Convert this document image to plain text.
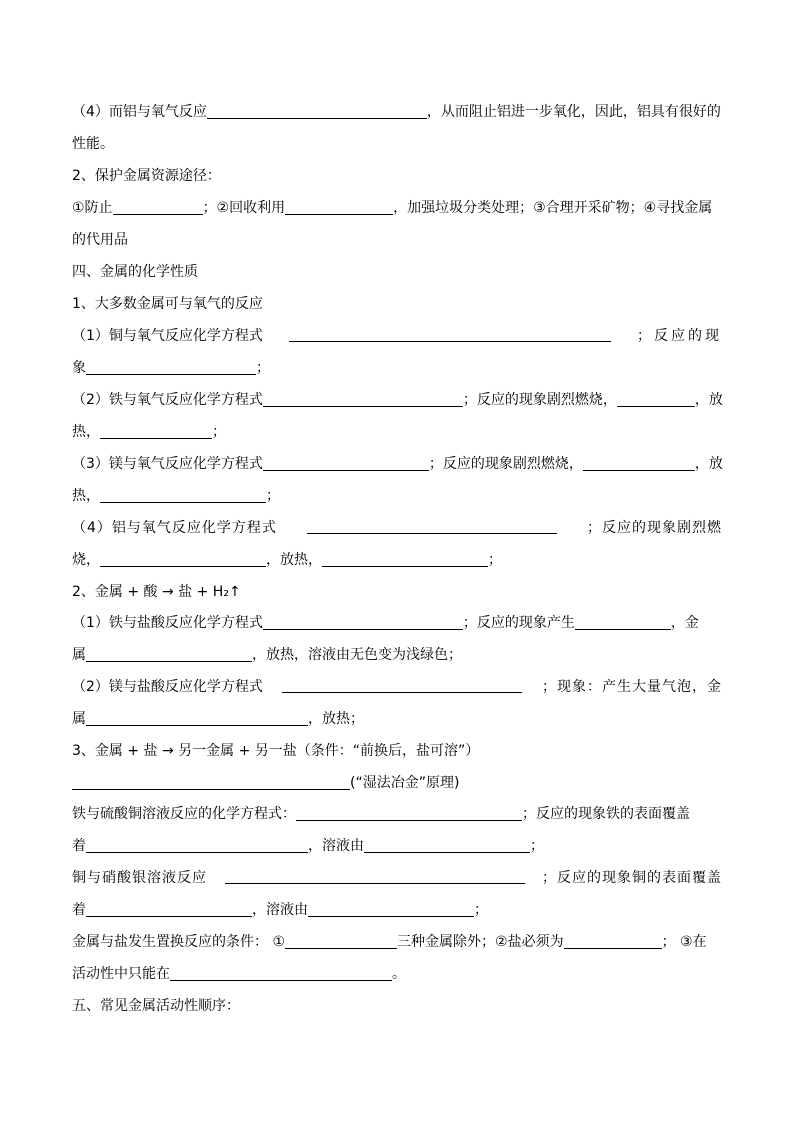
（4）而铝与氧气反应	，从而阻止铝进一步氧化，因此，铝具有很好的
性能。
2、保护金属资源途径：
①防止	；②回收利用	，加强垃圾分类处理；③合理开采矿物；④寻找金属
的代用品
四、金属的化学性质
1、大多数金属可与氧气的反应
（1）铜与氧气反应化学方程式	；反应的现
象	；
（2）铁与氧气反应化学方程式	；反应的现象剧烈燃烧，	，放
热，	；
（3）镁与氧气反应化学方程式	；反应的现象剧烈燃烧，	，放
热，	；
（4）铝与氧气反应化学方程式	；反应的现象剧烈燃
烧，	，放热，	；
2、金属 + 酸 → 盐 + H₂↑
（1）铁与盐酸反应化学方程式	；反应的现象产生	，金
属	，放热，溶液由无色变为浅绿色；
（2）镁与盐酸反应化学方程式	；现象：产生大量气泡，金
属	，放热；
3、金属 + 盐 → 另一金属 + 另一盐（条件：“前换后，盐可溶”）
(“湿法冶金”原理)
铁与硫酸铜溶液反应的化学方程式：	；反应的现象铁的表面覆盖
着	，溶液由	；
铜与硝酸银溶液反应	；反应的现象铜的表面覆盖
着	，溶液由	；
金属与盐发生置换反应的条件： ①	三种金属除外；②盐必须为	； ③在
活动性中只能在	。
五、常见金属活动性顺序：
